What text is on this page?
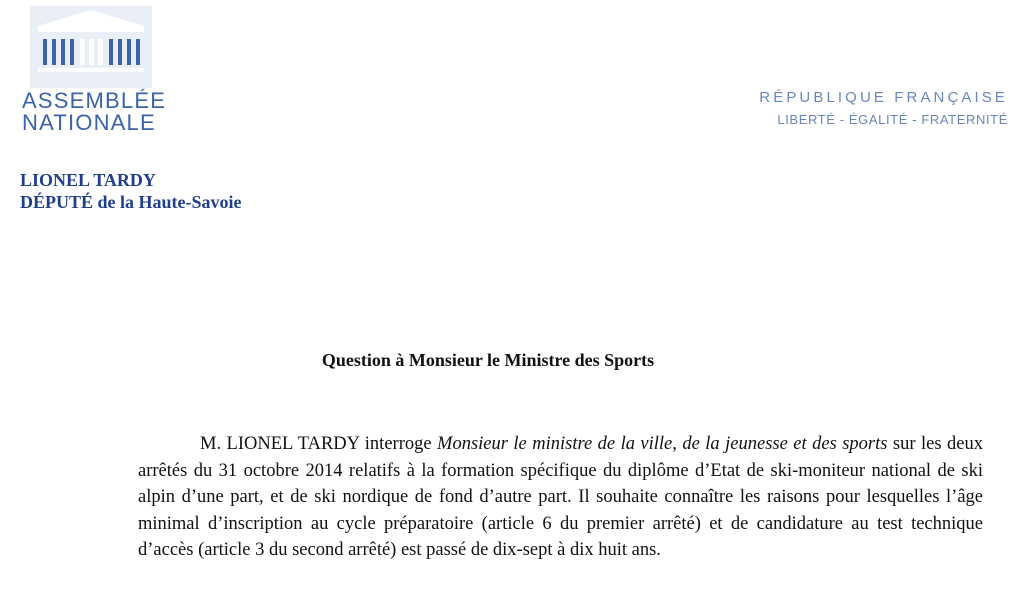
ASSEMBLÉE
NATIONALE
RÉPUBLIQUE FRANÇAISE
LIBERTÉ - ÉGALITÉ - FRATERNITÉ
LIONEL TARDY
DÉPUTÉ de la Haute-Savoie
Question à Monsieur le Ministre des Sports
M. LIONEL TARDY interroge Monsieur le ministre de la ville, de la jeunesse et des sports sur les deux arrêtés du 31 octobre 2014 relatifs à la formation spécifique du diplôme d’Etat de ski-moniteur national de ski alpin d’une part, et de ski nordique de fond d’autre part. Il souhaite connaître les raisons pour lesquelles l’âge minimal d’inscription au cycle préparatoire (article 6 du premier arrêté) et de candidature au test technique d’accès (article 3 du second arrêté) est passé de dix-sept à dix huit ans.
